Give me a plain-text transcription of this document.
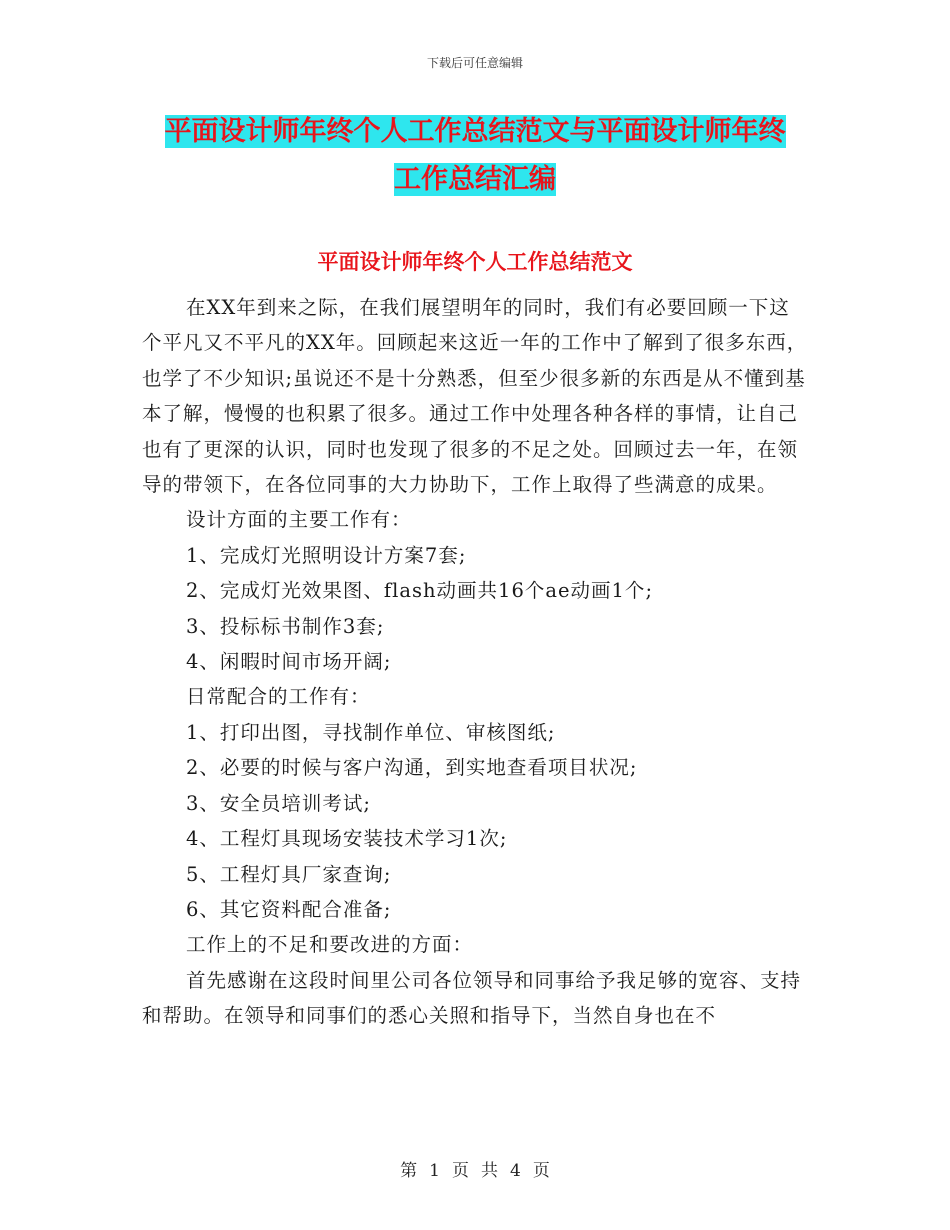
下载后可任意编辑
平面设计师年终个人工作总结范文与平面设计师年终
工作总结汇编
平面设计师年终个人工作总结范文

在XX年到来之际，在我们展望明年的同时，我们有必要回顾一下这个平凡又不平凡的XX年。回顾起来这近一年的工作中了解到了很多东西，也学了不少知识;虽说还不是十分熟悉，但至少很多新的东西是从不懂到基本了解，慢慢的也积累了很多。通过工作中处理各种各样的事情，让自己也有了更深的认识，同时也发现了很多的不足之处。回顾过去一年，在领导的带领下，在各位同事的大力协助下，工作上取得了些满意的成果。

设计方面的主要工作有：

1、完成灯光照明设计方案7套;

2、完成灯光效果图、flash动画共16个ae动画1个;

3、投标标书制作3套;

4、闲暇时间市场开阔;

日常配合的工作有：

1、打印出图，寻找制作单位、审核图纸;

2、必要的时候与客户沟通，到实地查看项目状况;

3、安全员培训考试;

4、工程灯具现场安装技术学习1次;

5、工程灯具厂家查询;

6、其它资料配合准备;

工作上的不足和要改进的方面：

首先感谢在这段时间里公司各位领导和同事给予我足够的宽容、支持和帮助。在领导和同事们的悉心关照和指导下，当然自身也在不

第 1 页 共 4 页
